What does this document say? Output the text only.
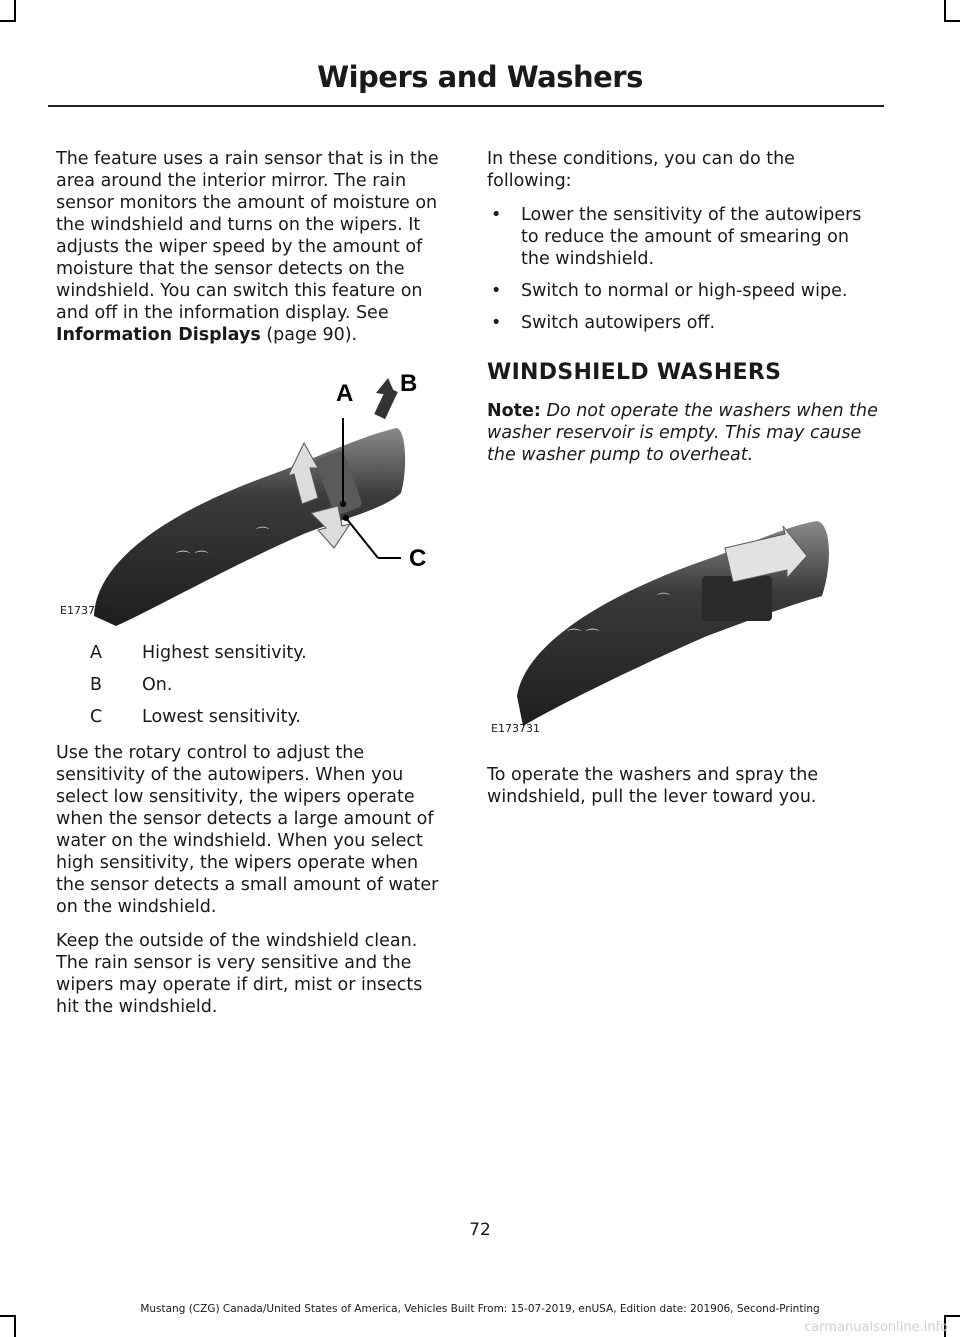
Wipers and Washers

The feature uses a rain sensor that is in the area around the interior mirror. The rain sensor monitors the amount of moisture on the windshield and turns on the wipers. It adjusts the wiper speed by the amount of moisture that the sensor detects on the windshield. You can switch this feature on and off in the information display. See Information Displays (page 90).

A B
C
⌒ ⌒
⌒
E173730
A	Highest sensitivity.
B	On.
C	Lowest sensitivity.

Use the rotary control to adjust the sensitivity of the autowipers. When you select low sensitivity, the wipers operate when the sensor detects a large amount of water on the windshield. When you select high sensitivity, the wipers operate when the sensor detects a small amount of water on the windshield.

Keep the outside of the windshield clean. The rain sensor is very sensitive and the wipers may operate if dirt, mist or insects hit the windshield.

In these conditions, you can do the following:

• Lower the sensitivity of the autowipers to reduce the amount of smearing on the windshield.
• Switch to normal or high-speed wipe.
• Switch autowipers off.
WINDSHIELD WASHERS

Note: Do not operate the washers when the washer reservoir is empty. This may cause the washer pump to overheat.

⌒ ⌒
⌒
E173731

To operate the washers and spray the windshield, pull the lever toward you.

72
Mustang (CZG) Canada/United States of America, Vehicles Built From: 15-07-2019, enUSA, Edition date: 201906, Second-Printing
carmanualsonline.info
